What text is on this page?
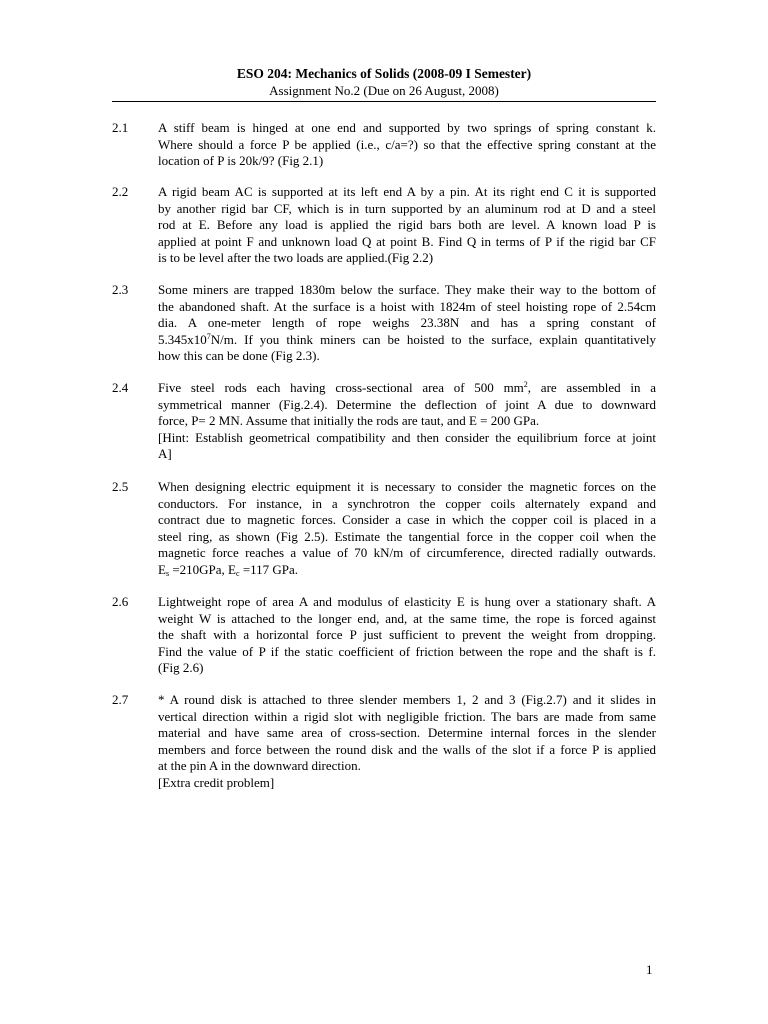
ESO 204: Mechanics of Solids (2008-09 I Semester)
Assignment No.2 (Due on 26 August, 2008)
2.1	A stiff beam is hinged at one end and supported by two springs of spring constant k.
Where should a force P be applied (i.e., c/a=?) so that the effective spring constant at the
location of P is 20k/9? (Fig 2.1)
2.2	A rigid beam AC is supported at its left end A by a pin. At its right end C it is supported
by another rigid bar CF, which is in turn supported by an aluminum rod at D and a steel
rod at E. Before any load is applied the rigid bars both are level. A known load P is
applied at point F and unknown load Q at point B. Find Q in terms of P if the rigid bar CF
is to be level after the two loads are applied.(Fig 2.2)
2.3	Some miners are trapped 1830m below the surface. They make their way to the bottom of
the abandoned shaft. At the surface is a hoist with 1824m of steel hoisting rope of 2.54cm
dia. A one-meter length of rope weighs 23.38N and has a spring constant of
$5.345x10^7N/m$. If you think miners can be hoisted to the surface, explain quantitatively
how this can be done (Fig 2.3).
2.4	Five steel rods each having cross-sectional area of 500 $mm^2$, are assembled in a
symmetrical manner (Fig.2.4). Determine the deflection of joint A due to downward
force, P= 2 MN. Assume that initially the rods are taut, and E = 200 GPa.
[Hint: Establish geometrical compatibility and then consider the equilibrium force at joint
A]
2.5	When designing electric equipment it is necessary to consider the magnetic forces on the
conductors. For instance, in a synchrotron the copper coils alternately expand and
contract due to magnetic forces. Consider a case in which the copper coil is placed in a
steel ring, as shown (Fig 2.5). Estimate the tangential force in the copper coil when the
magnetic force reaches a value of 70 kN/m of circumference, directed radially outwards.
$E_s =210GPa$, $E_c =117$ GPa.
2.6	Lightweight rope of area A and modulus of elasticity E is hung over a stationary shaft. A
weight W is attached to the longer end, and, at the same time, the rope is forced against
the shaft with a horizontal force P just sufficient to prevent the weight from dropping.
Find the value of P if the static coefficient of friction between the rope and the shaft is f.
(Fig 2.6)
2.7	* A round disk is attached to three slender members 1, 2 and 3 (Fig.2.7) and it slides in
vertical direction within a rigid slot with negligible friction. The bars are made from same
material and have same area of cross-section. Determine internal forces in the slender
members and force between the round disk and the walls of the slot if a force P is applied
at the pin A in the downward direction.
[Extra credit problem]
1
